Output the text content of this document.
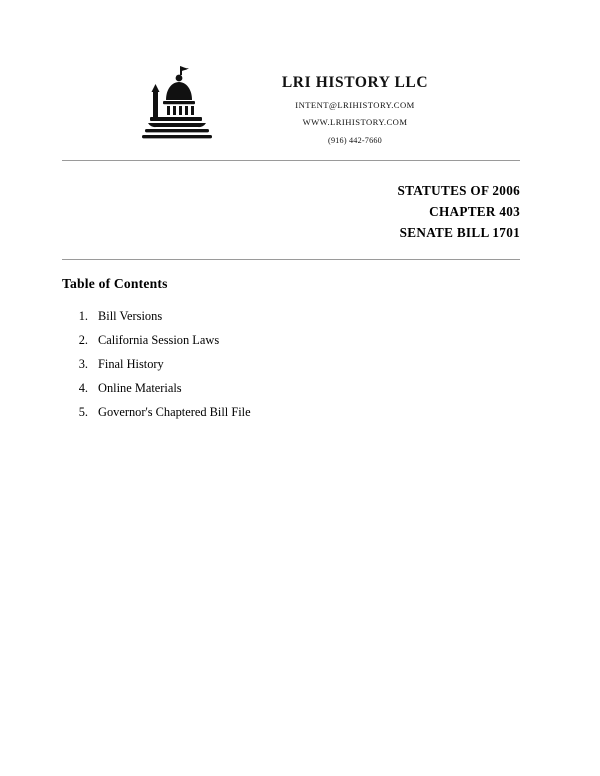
LRI HISTORY LLC
INTENT@LRIHISTORY.COM
WWW.LRIHISTORY.COM
(916) 442-7660
STATUTES OF 2006
CHAPTER 403
SENATE BILL 1701
Table of Contents
1. Bill Versions
2. California Session Laws
3. Final History
4. Online Materials
5. Governor's Chaptered Bill File
